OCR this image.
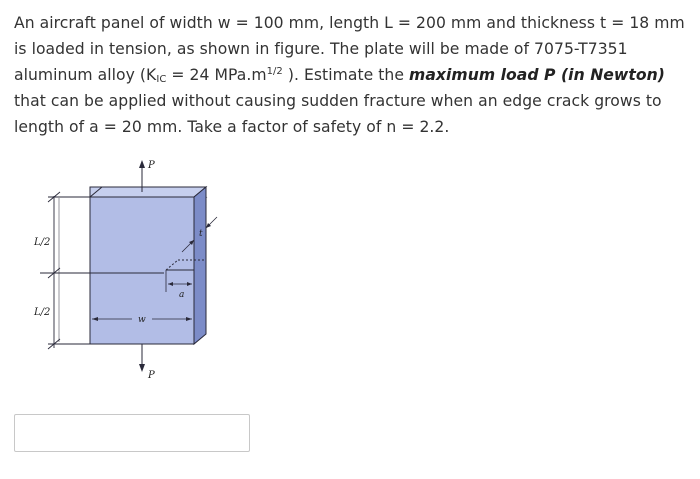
An aircraft panel of width w = 100 mm, length L = 200 mm and thickness t = 18 mm is loaded in tension, as shown in figure. The plate will be made of 7075-T7351 aluminum alloy ($K_{IC} = 24$ $MPa.m^{1/2}$ ). Estimate the maximum load P (in Newton) that can be applied without causing sudden fracture when an edge crack grows to length of a = 20 mm. Take a factor of safety of n = 2.2.
a
t
P
P
L/2
L/2
w
